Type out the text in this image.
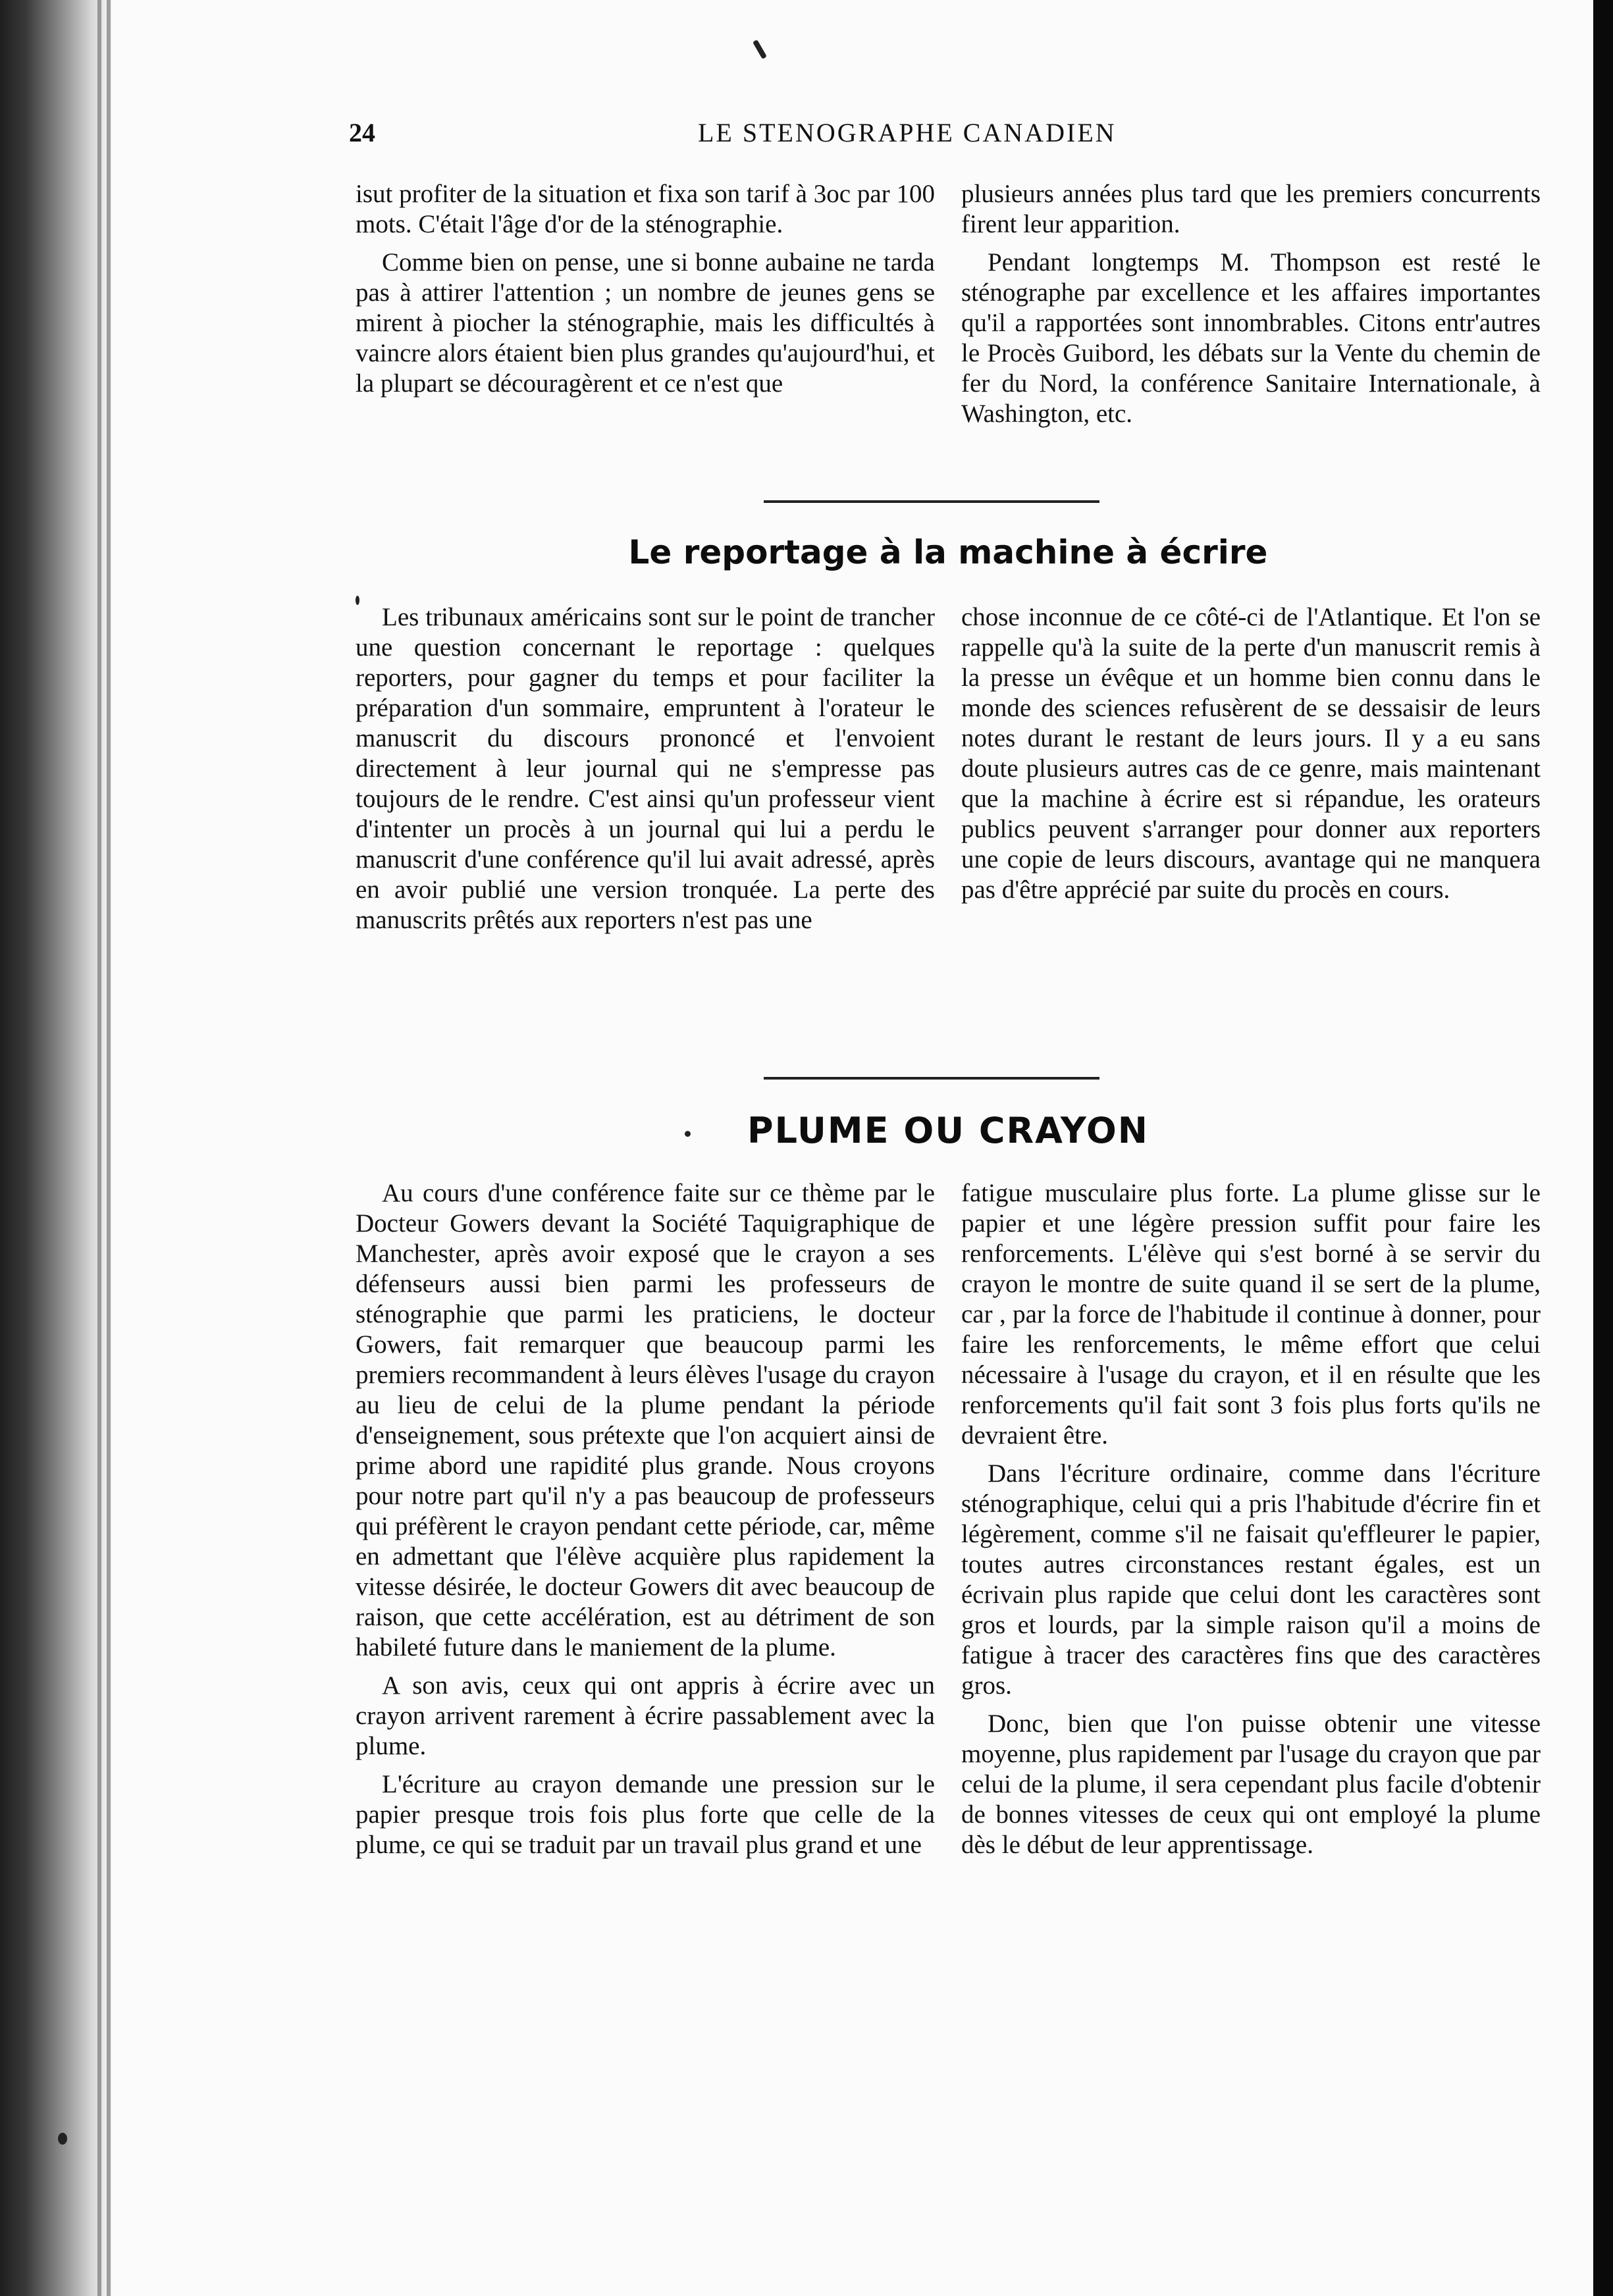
24	LE STENOGRAPHE CANADIEN

isut profiter de la situation et fixa son tarif à 3oc par 100 mots. C'était l'âge d'or de la sténographie.

Comme bien on pense, une si bonne aubaine ne tarda pas à attirer l'attention ; un nombre de jeunes gens se mirent à piocher la sténographie, mais les difficultés à vaincre alors étaient bien plus grandes qu'aujourd'hui, et la plupart se découragèrent et ce n'est que

plusieurs années plus tard que les premiers concurrents firent leur apparition.

Pendant longtemps M. Thompson est resté le sténographe par excellence et les affaires importantes qu'il a rapportées sont innombrables. Citons entr'autres le Procès Guibord, les débats sur la Vente du chemin de fer du Nord, la conférence Sanitaire Internationale, à Washington, etc.

Le reportage à la machine à écrire

Les tribunaux américains sont sur le point de trancher une question concernant le reportage : quelques reporters, pour gagner du temps et pour faciliter la préparation d'un sommaire, empruntent à l'orateur le manuscrit du discours prononcé et l'envoient directement à leur journal qui ne s'empresse pas toujours de le rendre. C'est ainsi qu'un professeur vient d'intenter un procès à un journal qui lui a perdu le manuscrit d'une conférence qu'il lui avait adressé, après en avoir publié une version tronquée. La perte des manuscrits prêtés aux reporters n'est pas une

chose inconnue de ce côté-ci de l'Atlantique. Et l'on se rappelle qu'à la suite de la perte d'un manuscrit remis à la presse un évêque et un homme bien connu dans le monde des sciences refusèrent de se dessaisir de leurs notes durant le restant de leurs jours. Il y a eu sans doute plusieurs autres cas de ce genre, mais maintenant que la machine à écrire est si répandue, les orateurs publics peuvent s'arranger pour donner aux reporters une copie de leurs discours, avantage qui ne manquera pas d'être apprécié par suite du procès en cours.

PLUME OU CRAYON

Au cours d'une conférence faite sur ce thème par le Docteur Gowers devant la Société Taquigraphique de Manchester, après avoir exposé que le crayon a ses défenseurs aussi bien parmi les professeurs de sténographie que parmi les praticiens, le docteur Gowers, fait remarquer que beaucoup parmi les premiers recommandent à leurs élèves l'usage du crayon au lieu de celui de la plume pendant la période d'enseignement, sous prétexte que l'on acquiert ainsi de prime abord une rapidité plus grande. Nous croyons pour notre part qu'il n'y a pas beaucoup de professeurs qui préfèrent le crayon pendant cette période, car, même en admettant que l'élève acquière plus rapidement la vitesse désirée, le docteur Gowers dit avec beaucoup de raison, que cette accélération, est au détriment de son habileté future dans le maniement de la plume.

A son avis, ceux qui ont appris à écrire avec un crayon arrivent rarement à écrire passablement avec la plume.

L'écriture au crayon demande une pression sur le papier presque trois fois plus forte que celle de la plume, ce qui se traduit par un travail plus grand et une

fatigue musculaire plus forte. La plume glisse sur le papier et une légère pression suffit pour faire les renforcements. L'élève qui s'est borné à se servir du crayon le montre de suite quand il se sert de la plume, car , par la force de l'habitude il continue à donner, pour faire les renforcements, le même effort que celui nécessaire à l'usage du crayon, et il en résulte que les renforcements qu'il fait sont 3 fois plus forts qu'ils ne devraient être.

Dans l'écriture ordinaire, comme dans l'écriture sténographique, celui qui a pris l'habitude d'écrire fin et légèrement, comme s'il ne faisait qu'effleurer le papier, toutes autres circonstances restant égales, est un écrivain plus rapide que celui dont les caractères sont gros et lourds, par la simple raison qu'il a moins de fatigue à tracer des caractères fins que des caractères gros.

Donc, bien que l'on puisse obtenir une vitesse moyenne, plus rapidement par l'usage du crayon que par celui de la plume, il sera cependant plus facile d'obtenir de bonnes vitesses de ceux qui ont employé la plume dès le début de leur apprentissage.
